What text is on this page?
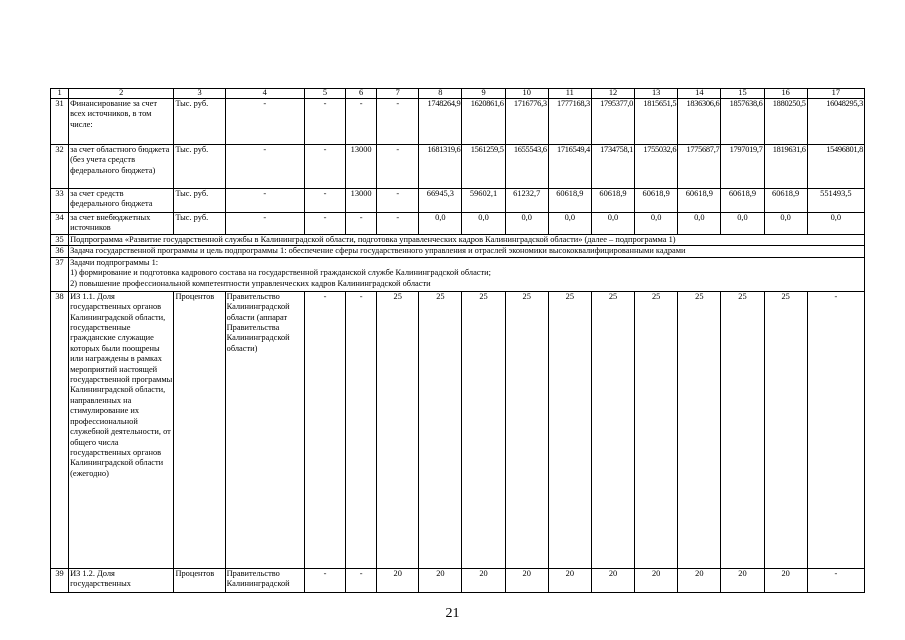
1	2	3	4	5	6	7	8	9	10	11	12	13	14	15	16	17
31	Финансирование за счет всех источников, в том числе:	Тыс. руб.	-	-	-	-	1748264,9	1620861,6	1716776,3	1777168,3	1795377,0	1815651,5	1836306,6	1857638,6	1880250,5	16048295,3
32	за счет областного бюджета (без учета средств федерального бюджета)	Тыс. руб.	-	-	13000	-	1681319,6	1561259,5	1655543,6	1716549,4	1734758,1	1755032,6	1775687,7	1797019,7	1819631,6	15496801,8
33	за счет средств федерального бюджета	Тыс. руб.	-	-	13000	-	66945,3	59602,1	61232,7	60618,9	60618,9	60618,9	60618,9	60618,9	60618,9	551493,5
34	за счет внебюджетных источников	Тыс. руб.	-	-	-	-	0,0	0,0	0,0	0,0	0,0	0,0	0,0	0,0	0,0	0,0
35	Подпрограмма «Развитие государственной службы в Калининградской области, подготовка управленческих кадров Калининградской области» (далее – подпрограмма 1)															
36	Задача государственной программы и цель подпрограммы 1: обеспечение сферы государственного управления и отраслей экономики высококвалифицированными кадрами															
37	Задачи подпрограммы 1:
1) формирование и подготовка кадрового состава на государственной гражданской службе Калининградской области;
2) повышение профессиональной компетентности управленческих кадров Калининградской области															

38	ИЗ 1.1. Доля государственных органов Калининградской области, государственные гражданские служащие которых были поощрены или награждены в рамках мероприятий настоящей государственной программы Калининградской области, направленных на стимулирование их профессиональной служебной деятельности, от общего числа государственных органов Калининградской области (ежегодно)	Процентов	Правительство Калининградской области (аппарат Правительства Калининградской области)	-	-	25	25	25	25	25	25	25	25	25	25	-
39	ИЗ 1.2. Доля государственных	Процентов	Правительство Калининградской	-	-	20	20	20	20	20	20	20	20	20	20	-
21
